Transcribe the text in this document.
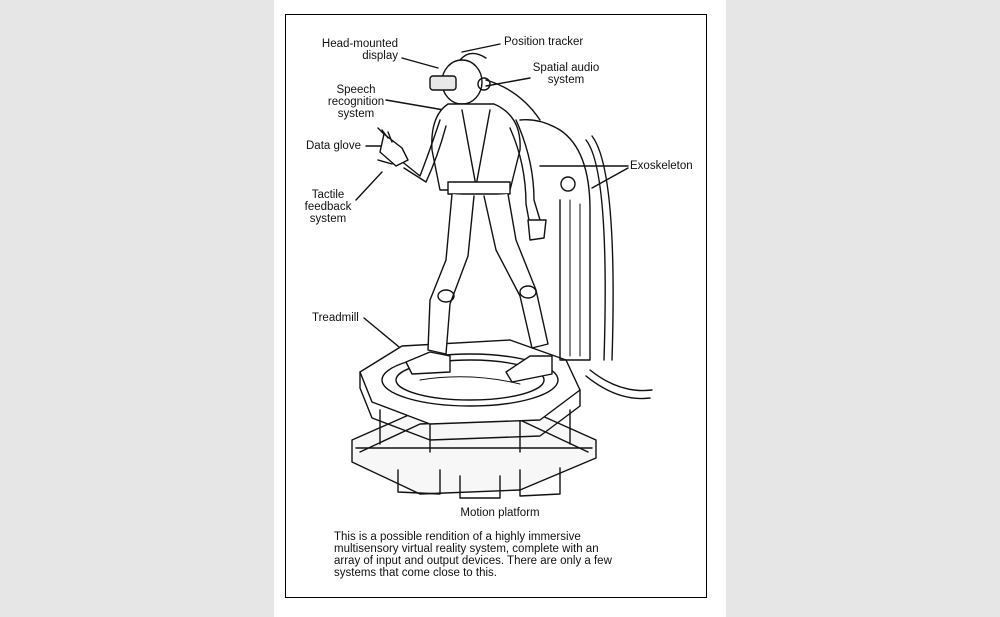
Head-mounted
display
Position tracker
Spatial audio
system
Speech
recognition
system
Data glove
Exoskeleton
Tactile
feedback
system
Treadmill
Motion platform
This is a possible rendition of a highly immersive
multisensory virtual reality system, complete with an
array of input and output devices. There are only a few
systems that come close to this.
